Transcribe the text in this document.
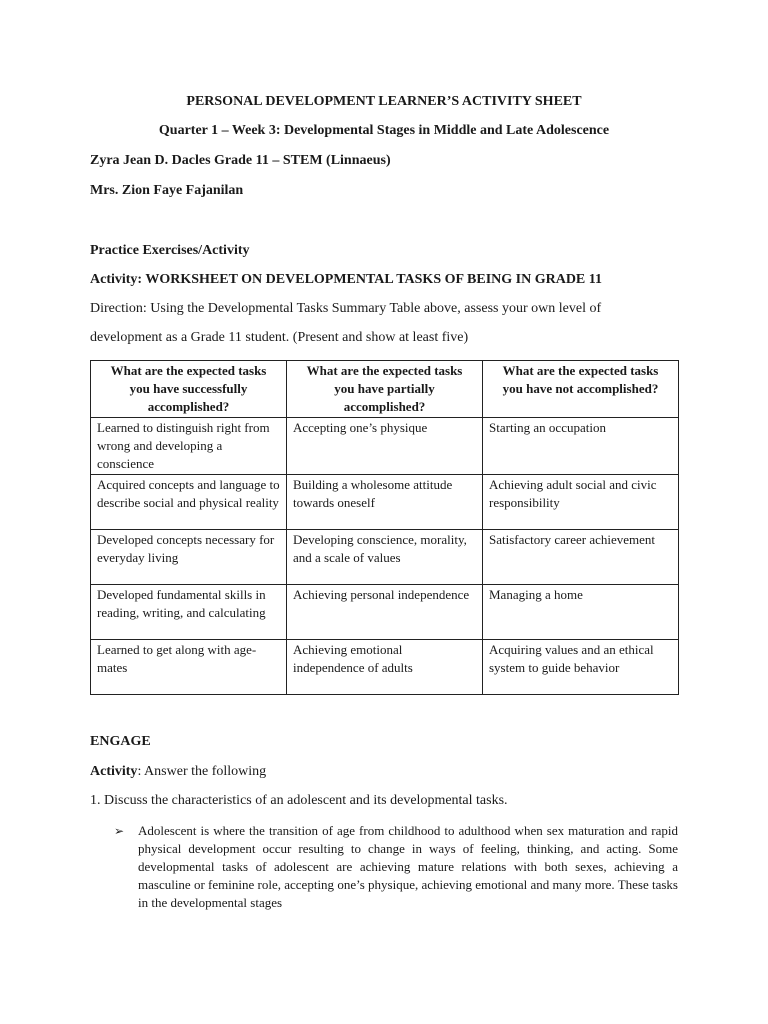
PERSONAL DEVELOPMENT LEARNER’S ACTIVITY SHEET
Quarter 1 – Week 3: Developmental Stages in Middle and Late Adolescence
Zyra Jean D. Dacles Grade 11 – STEM (Linnaeus)
Mrs. Zion Faye Fajanilan
Practice Exercises/Activity
Activity: WORKSHEET ON DEVELOPMENTAL TASKS OF BEING IN GRADE 11
Direction: Using the Developmental Tasks Summary Table above, assess your own level of
development as a Grade 11 student. (Present and show at least five)
What are the expected tasks you have successfully accomplished?	What are the expected tasks you have partially accomplished?	What are the expected tasks you have not accomplished?
Learned to distinguish right from wrong and developing a conscience	Accepting one’s physique	Starting an occupation
Acquired concepts and language to describe social and physical reality	Building a wholesome attitude towards oneself	Achieving adult social and civic responsibility
Developed concepts necessary for everyday living	Developing conscience, morality, and a scale of values	Satisfactory career achievement
Developed fundamental skills in reading, writing, and calculating	Achieving personal independence	Managing a home
Learned to get along with age-mates	Achieving emotional independence of adults	Acquiring values and an ethical system to guide behavior
ENGAGE
Activity: Answer the following
1. Discuss the characteristics of an adolescent and its developmental tasks.
➢	Adolescent is where the transition of age from childhood to adulthood when sex maturation and rapid physical development occur resulting to change in ways of feeling, thinking, and acting. Some developmental tasks of adolescent are achieving mature relations with both sexes, achieving a masculine or feminine role, accepting one’s physique, achieving emotional and many more. These tasks in the developmental stages
